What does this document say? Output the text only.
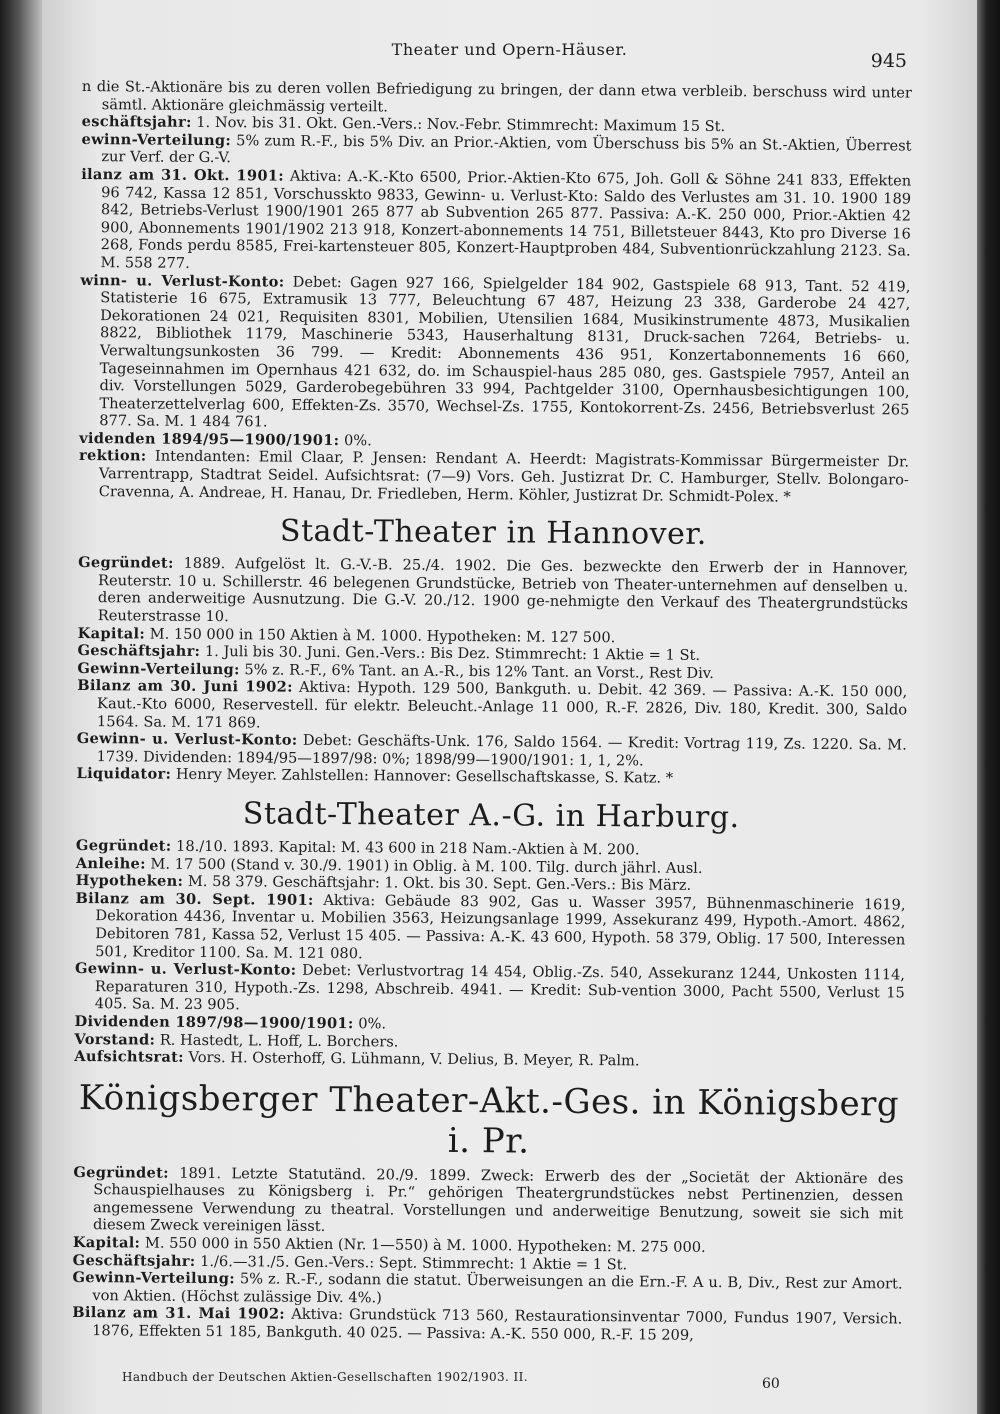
Theater und Opern-Häuser.
945

n die St.-Aktionäre bis zu deren vollen Befriedigung zu bringen, der dann etwa verbleib. berschuss wird unter sämtl. Aktionäre gleichmässig verteilt.

eschäftsjahr: 1. Nov. bis 31. Okt. Gen.-Vers.: Nov.-Febr. Stimmrecht: Maximum 15 St.

ewinn-Verteilung: 5% zum R.-F., bis 5% Div. an Prior.-Aktien, vom Überschuss bis 5% an St.-Aktien, Überrest zur Verf. der G.-V.

ilanz am 31. Okt. 1901: Aktiva: A.-K.-Kto 6500, Prior.-Aktien-Kto 675, Joh. Goll & Söhne 241 833, Effekten 96 742, Kassa 12 851, Vorschusskto 9833, Gewinn- u. Verlust-Kto: Saldo des Verlustes am 31. 10. 1900 189 842, Betriebs-Verlust 1900/1901 265 877 ab Subvention 265 877. Passiva: A.-K. 250 000, Prior.-Aktien 42 900, Abonnements 1901/1902 213 918, Konzert-abonnements 14 751, Billetsteuer 8443, Kto pro Diverse 16 268, Fonds perdu 8585, Frei-kartensteuer 805, Konzert-Hauptproben 484, Subventionrückzahlung 2123. Sa. M. 558 277.

winn- u. Verlust-Konto: Debet: Gagen 927 166, Spielgelder 184 902, Gastspiele 68 913, Tant. 52 419, Statisterie 16 675, Extramusik 13 777, Beleuchtung 67 487, Heizung 23 338, Garderobe 24 427, Dekorationen 24 021, Requisiten 8301, Mobilien, Utensilien 1684, Musikinstrumente 4873, Musikalien 8822, Bibliothek 1179, Maschinerie 5343, Hauserhaltung 8131, Druck-sachen 7264, Betriebs- u. Verwaltungsunkosten 36 799. — Kredit: Abonnements 436 951, Konzertabonnements 16 660, Tageseinnahmen im Opernhaus 421 632, do. im Schauspiel-haus 285 080, ges. Gastspiele 7957, Anteil an div. Vorstellungen 5029, Garderobegebühren 33 994, Pachtgelder 3100, Opernhausbesichtigungen 100, Theaterzettelverlag 600, Effekten-Zs. 3570, Wechsel-Zs. 1755, Kontokorrent-Zs. 2456, Betriebsverlust 265 877. Sa. M. 1 484 761.

videnden 1894/95—1900/1901: 0%.

rektion: Intendanten: Emil Claar, P. Jensen: Rendant A. Heerdt: Magistrats-Kommissar Bürgermeister Dr. Varrentrapp, Stadtrat Seidel. Aufsichtsrat: (7—9) Vors. Geh. Justizrat Dr. C. Hamburger, Stellv. Bolongaro-Cravenna, A. Andreae, H. Hanau, Dr. Friedleben, Herm. Köhler, Justizrat Dr. Schmidt-Polex. *

Stadt-Theater in Hannover.

Gegründet: 1889. Aufgelöst lt. G.-V.-B. 25./4. 1902. Die Ges. bezweckte den Erwerb der in Hannover, Reuterstr. 10 u. Schillerstr. 46 belegenen Grundstücke, Betrieb von Theater-unternehmen auf denselben u. deren anderweitige Ausnutzung. Die G.-V. 20./12. 1900 ge-nehmigte den Verkauf des Theatergrundstücks Reuterstrasse 10.

Kapital: M. 150 000 in 150 Aktien à M. 1000. Hypotheken: M. 127 500.

Geschäftsjahr: 1. Juli bis 30. Juni. Gen.-Vers.: Bis Dez. Stimmrecht: 1 Aktie = 1 St.

Gewinn-Verteilung: 5% z. R.-F., 6% Tant. an A.-R., bis 12% Tant. an Vorst., Rest Div.

Bilanz am 30. Juni 1902: Aktiva: Hypoth. 129 500, Bankguth. u. Debit. 42 369. — Passiva: A.-K. 150 000, Kaut.-Kto 6000, Reservestell. für elektr. Beleucht.-Anlage 11 000, R.-F. 2826, Div. 180, Kredit. 300, Saldo 1564. Sa. M. 171 869.

Gewinn- u. Verlust-Konto: Debet: Geschäfts-Unk. 176, Saldo 1564. — Kredit: Vortrag 119, Zs. 1220. Sa. M. 1739. Dividenden: 1894/95—1897/98: 0%; 1898/99—1900/1901: 1, 1, 2%.

Liquidator: Henry Meyer. Zahlstellen: Hannover: Gesellschaftskasse, S. Katz. *

Stadt-Theater A.-G. in Harburg.

Gegründet: 18./10. 1893. Kapital: M. 43 600 in 218 Nam.-Aktien à M. 200.

Anleihe: M. 17 500 (Stand v. 30./9. 1901) in Oblig. à M. 100. Tilg. durch jährl. Ausl.

Hypotheken: M. 58 379. Geschäftsjahr: 1. Okt. bis 30. Sept. Gen.-Vers.: Bis März.

Bilanz am 30. Sept. 1901: Aktiva: Gebäude 83 902, Gas u. Wasser 3957, Bühnenmaschinerie 1619, Dekoration 4436, Inventar u. Mobilien 3563, Heizungsanlage 1999, Assekuranz 499, Hypoth.-Amort. 4862, Debitoren 781, Kassa 52, Verlust 15 405. — Passiva: A.-K. 43 600, Hypoth. 58 379, Oblig. 17 500, Interessen 501, Kreditor 1100. Sa. M. 121 080.

Gewinn- u. Verlust-Konto: Debet: Verlustvortrag 14 454, Oblig.-Zs. 540, Assekuranz 1244, Unkosten 1114, Reparaturen 310, Hypoth.-Zs. 1298, Abschreib. 4941. — Kredit: Sub-vention 3000, Pacht 5500, Verlust 15 405. Sa. M. 23 905.

Dividenden 1897/98—1900/1901: 0%.

Vorstand: R. Hastedt, L. Hoff, L. Borchers.

Aufsichtsrat: Vors. H. Osterhoff, G. Lühmann, V. Delius, B. Meyer, R. Palm.

Königsberger Theater-Akt.-Ges. in Königsberg i. Pr.

Gegründet: 1891. Letzte Statutänd. 20./9. 1899. Zweck: Erwerb des der „Societät der Aktionäre des Schauspielhauses zu Königsberg i. Pr.“ gehörigen Theatergrundstückes nebst Pertinenzien, dessen angemessene Verwendung zu theatral. Vorstellungen und anderweitige Benutzung, soweit sie sich mit diesem Zweck vereinigen lässt.

Kapital: M. 550 000 in 550 Aktien (Nr. 1—550) à M. 1000. Hypotheken: M. 275 000.

Geschäftsjahr: 1./6.—31./5. Gen.-Vers.: Sept. Stimmrecht: 1 Aktie = 1 St.

Gewinn-Verteilung: 5% z. R.-F., sodann die statut. Überweisungen an die Ern.-F. A u. B, Div., Rest zur Amort. von Aktien. (Höchst zulässige Div. 4%.)

Bilanz am 31. Mai 1902: Aktiva: Grundstück 713 560, Restaurationsinventar 7000, Fundus 1907, Versich. 1876, Effekten 51 185, Bankguth. 40 025. — Passiva: A.-K. 550 000, R.-F. 15 209,

Handbuch der Deutschen Aktien-Gesellschaften 1902/1903. II.	60
